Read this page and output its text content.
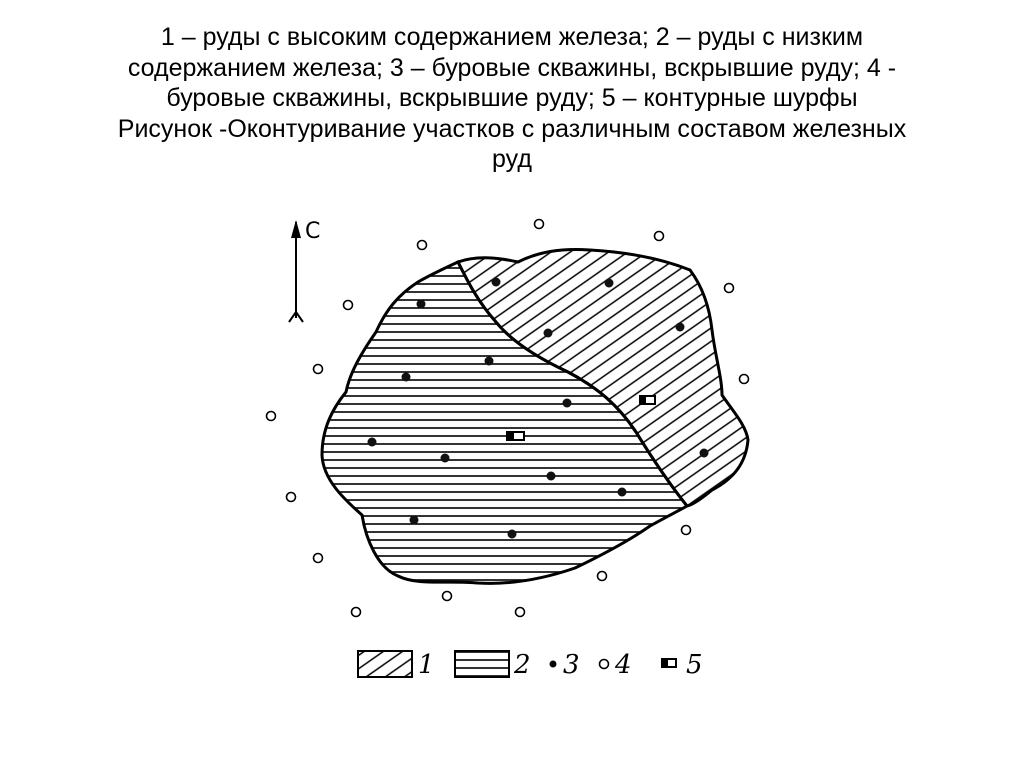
1 – руды с высоким содержанием железа; 2 – руды с низким
содержанием железа; 3 – буровые скважины, вскрывшие руду; 4 -
буровые скважины, вскрывшие руду; 5 – контурные шурфы
Рисунок -Оконтуривание участков с различным составом железных
руд
С
1	2 3 4 5
